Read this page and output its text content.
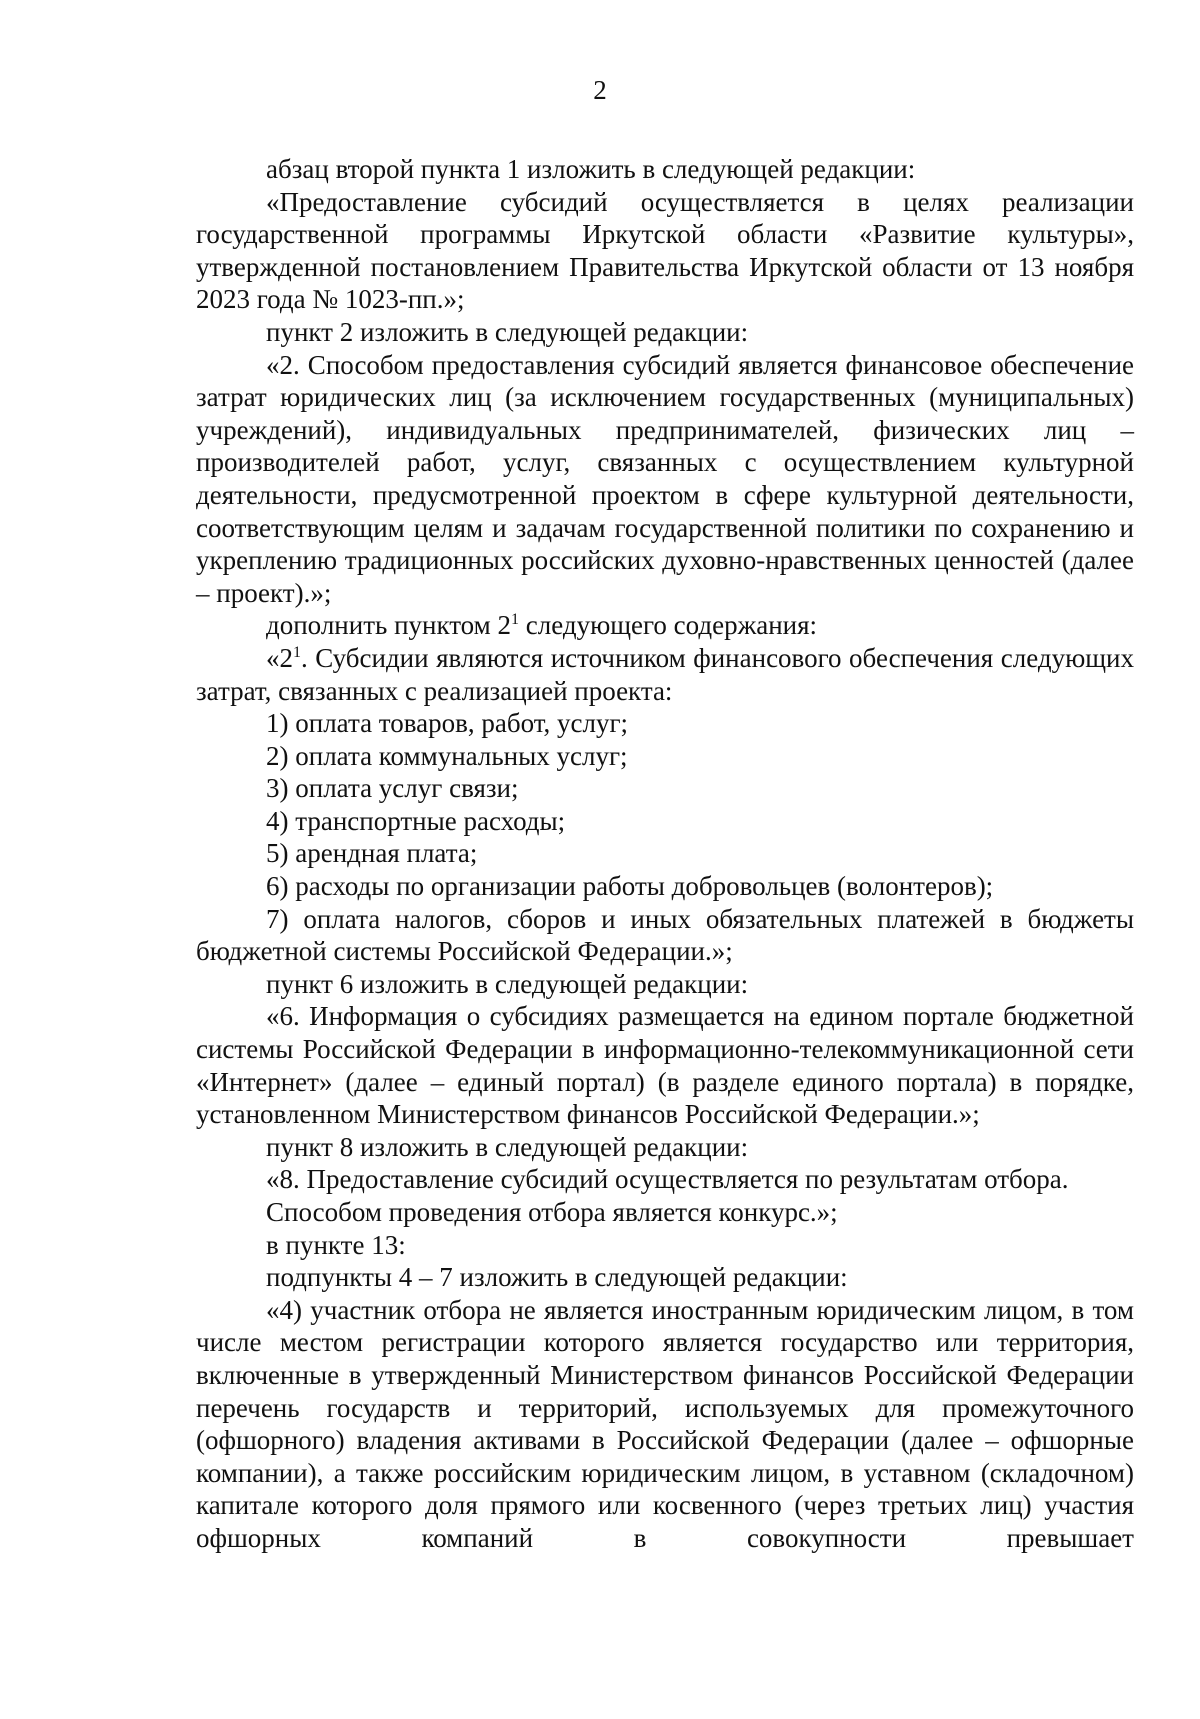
2

абзац второй пункта 1 изложить в следующей редакции:

«Предоставление субсидий осуществляется в целях реализации государственной программы Иркутской области «Развитие культуры», утвержденной постановлением Правительства Иркутской области от 13 ноября 2023 года № 1023-пп.»;

пункт 2 изложить в следующей редакции:

«2. Способом предоставления субсидий является финансовое обеспечение затрат юридических лиц (за исключением государственных (муниципальных) учреждений), индивидуальных предпринимателей, физических лиц – производителей работ, услуг, связанных с осуществлением культурной деятельности, предусмотренной проектом в сфере культурной деятельности, соответствующим целям и задачам государственной политики по сохранению и укреплению традиционных российских духовно-нравственных ценностей (далее – проект).»;

дополнить пунктом $2^1$ следующего содержания:

«$2^1$. Субсидии являются источником финансового обеспечения следующих затрат, связанных с реализацией проекта:

1) оплата товаров, работ, услуг;

2) оплата коммунальных услуг;

3) оплата услуг связи;

4) транспортные расходы;

5) арендная плата;

6) расходы по организации работы добровольцев (волонтеров);

7) оплата налогов, сборов и иных обязательных платежей в бюджеты бюджетной системы Российской Федерации.»;

пункт 6 изложить в следующей редакции:

«6. Информация о субсидиях размещается на едином портале бюджетной системы Российской Федерации в информационно-телекоммуникационной сети «Интернет» (далее – единый портал) (в разделе единого портала) в порядке, установленном Министерством финансов Российской Федерации.»;

пункт 8 изложить в следующей редакции:

«8. Предоставление субсидий осуществляется по результатам отбора.

Способом проведения отбора является конкурс.»;

в пункте 13:

подпункты 4 – 7 изложить в следующей редакции:

«4) участник отбора не является иностранным юридическим лицом, в том числе местом регистрации которого является государство или территория, включенные в утвержденный Министерством финансов Российской Федерации перечень государств и территорий, используемых для промежуточного (офшорного) владения активами в Российской Федерации (далее – офшорные компании), а также российским юридическим лицом, в уставном (складочном) капитале которого доля прямого или косвенного (через третьих лиц) участия офшорных компаний в совокупности превышает
